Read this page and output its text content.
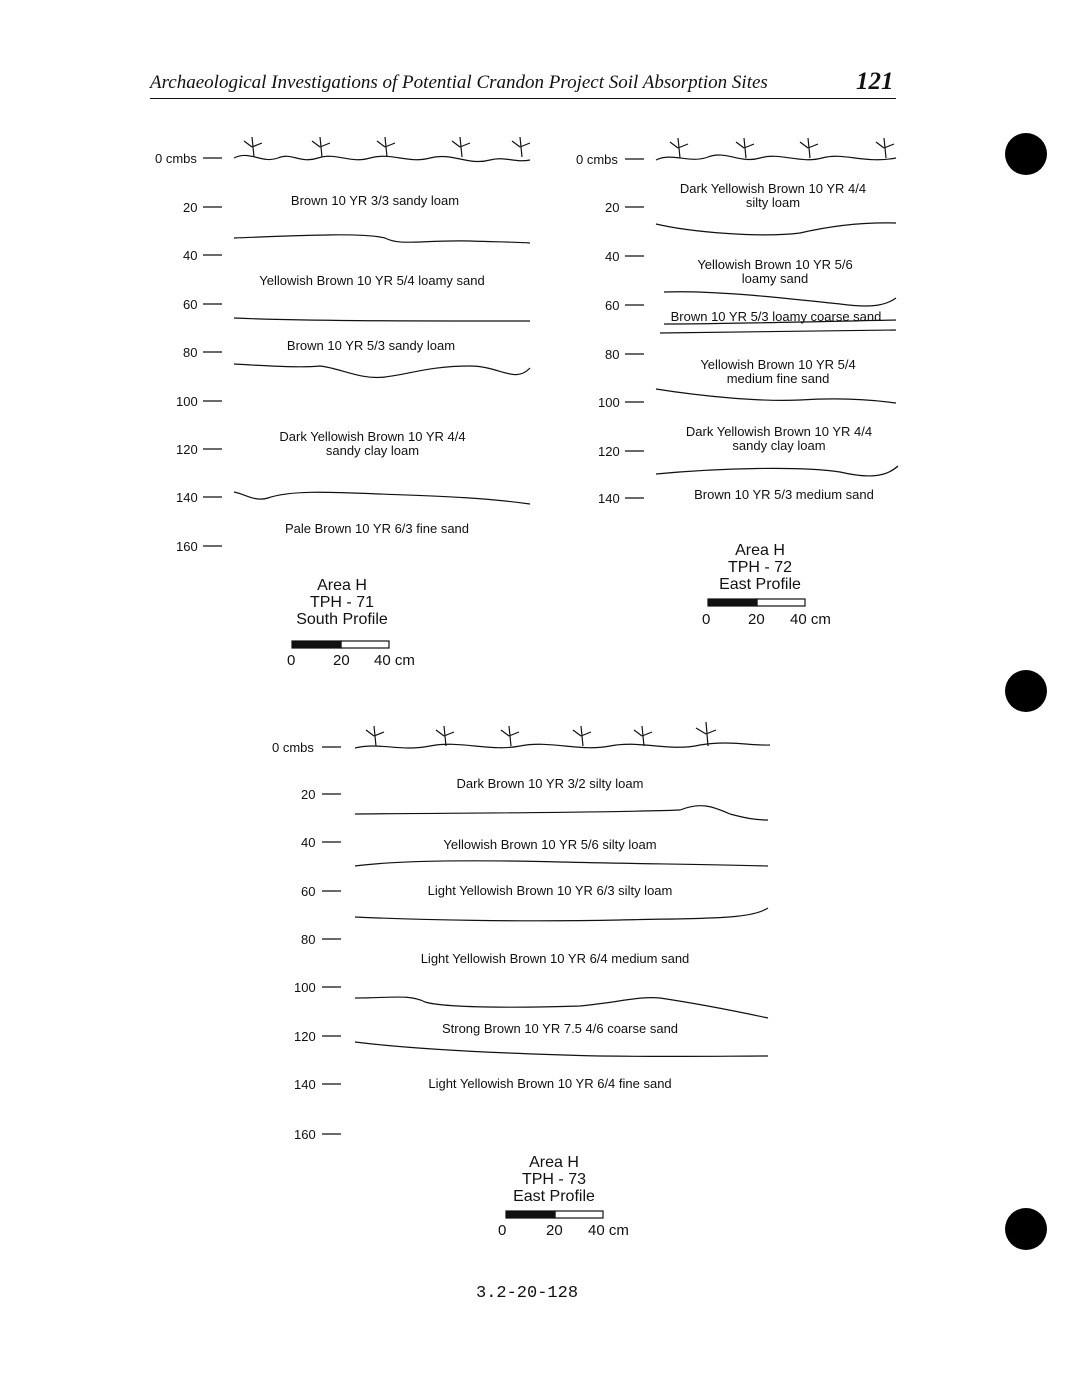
Archaeological Investigations of Potential Crandon Project Soil Absorption Sites	121
0 cmbs
20
40
60
80
100
120
140
160
Brown 10 YR 3/3 sandy loam
Yellowish Brown 10 YR 5/4 loamy sand
Brown 10 YR 5/3 sandy loam
Dark Yellowish Brown 10 YR 4/4
sandy clay loam
Pale Brown 10 YR 6/3 fine sand
Area H
TPH - 71
South Profile
0	20 40 cm
0 cmbs
20
40
60
80
100
120
140
Dark Yellowish Brown 10 YR 4/4
silty loam
Yellowish Brown 10 YR 5/6
loamy sand
Brown 10 YR 5/3 loamy coarse sand
Yellowish Brown 10 YR 5/4
medium fine sand
Dark Yellowish Brown 10 YR 4/4
sandy clay loam
Brown 10 YR 5/3 medium sand
Area H
TPH - 72
East Profile
0	20 40 cm
0 cmbs
20
40
60
80
100
120
140
160
Dark Brown 10 YR 3/2 silty loam
Yellowish Brown 10 YR 5/6 silty loam
Light Yellowish Brown 10 YR 6/3 silty loam
Light Yellowish Brown 10 YR 6/4 medium sand
Strong Brown 10 YR 7.5 4/6 coarse sand
Light Yellowish Brown 10 YR 6/4 fine sand
Area H
TPH - 73
East Profile
0	20 40 cm
3.2-20-128
